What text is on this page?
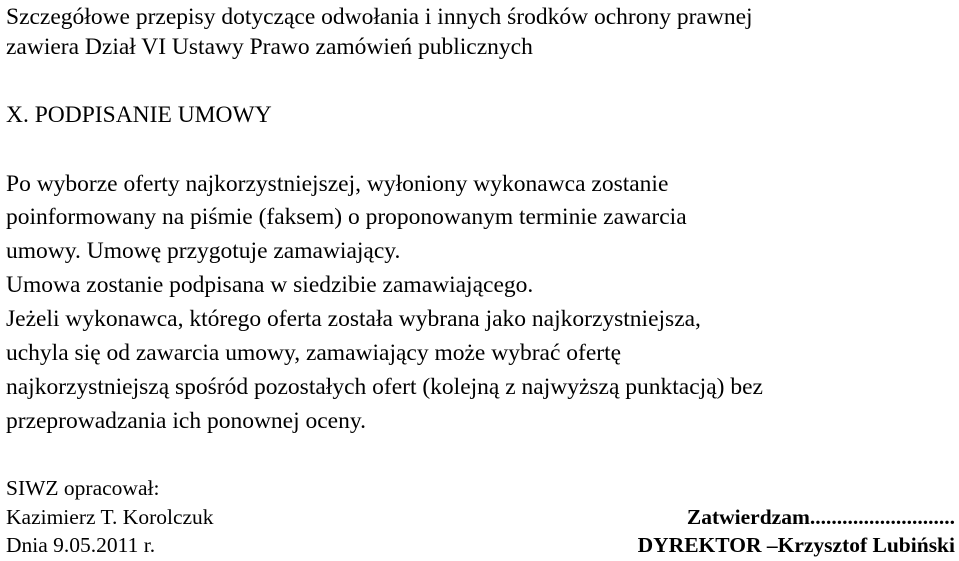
Szczegółowe przepisy dotyczące odwołania i innych środków ochrony prawnej
zawiera Dział VI Ustawy Prawo zamówień publicznych
X. PODPISANIE UMOWY
Po wyborze oferty najkorzystniejszej, wyłoniony wykonawca zostanie
poinformowany na piśmie (faksem) o proponowanym terminie zawarcia
umowy. Umowę przygotuje zamawiający.
Umowa zostanie podpisana w siedzibie zamawiającego.
Jeżeli wykonawca, którego oferta została wybrana jako najkorzystniejsza,
uchyla się od zawarcia umowy, zamawiający może wybrać ofertę
najkorzystniejszą spośród pozostałych ofert (kolejną z najwyższą punktacją) bez
przeprowadzania ich ponownej oceny.
SIWZ opracował:
Kazimierz T. Korolczuk
Dnia 9.05.2011 r.
Zatwierdzam...........................
DYREKTOR –Krzysztof Lubiński
